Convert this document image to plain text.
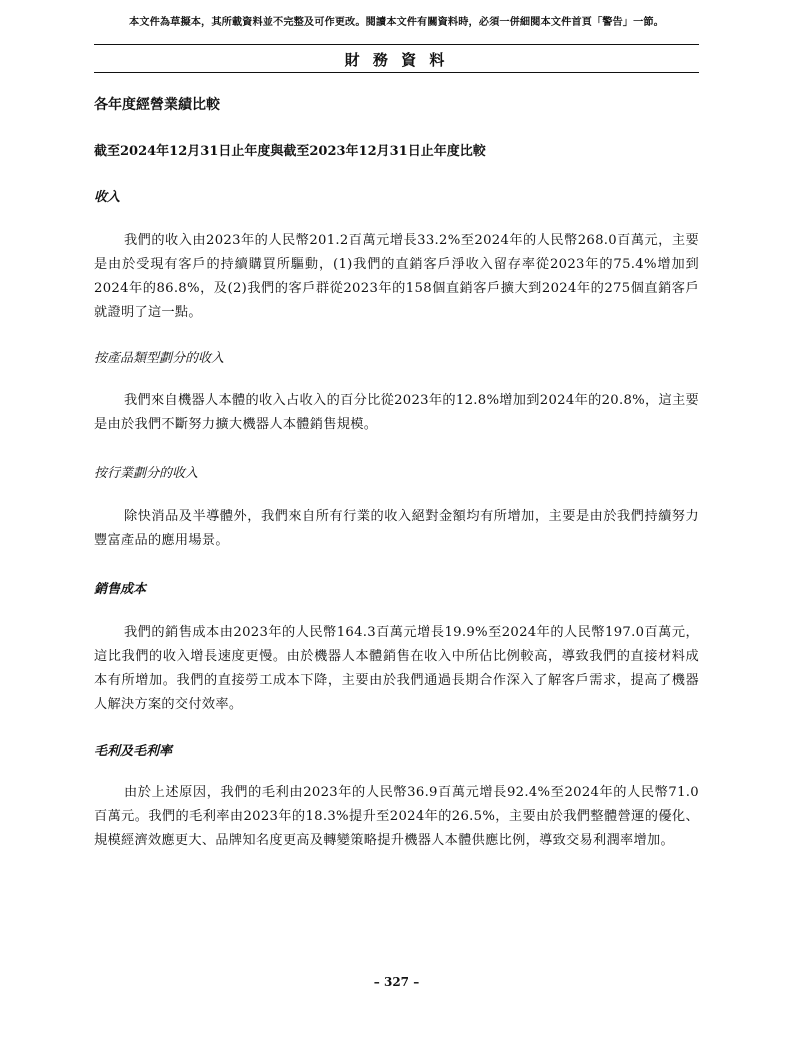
本文件為草擬本，其所載資料並不完整及可作更改。閱讀本文件有關資料時，必須一併細閱本文件首頁「警告」一節。
財 務 資 料
各年度經營業績比較
截至2024年12月31日止年度與截至2023年12月31日止年度比較
收入
我們的收入由2023年的人民幣201.2百萬元增長33.2%至2024年的人民幣268.0百萬元，主要是由於受現有客戶的持續購買所驅動，(1)我們的直銷客戶淨收入留存率從2023年的75.4%增加到2024年的86.8%，及(2)我們的客戶群從2023年的158個直銷客戶擴大到2024年的275個直銷客戶就證明了這一點。
按產品類型劃分的收入
我們來自機器人本體的收入占收入的百分比從2023年的12.8%增加到2024年的20.8%，這主要是由於我們不斷努力擴大機器人本體銷售規模。
按行業劃分的收入
除快消品及半導體外，我們來自所有行業的收入絕對金額均有所增加，主要是由於我們持續努力豐富產品的應用場景。
銷售成本
我們的銷售成本由2023年的人民幣164.3百萬元增長19.9%至2024年的人民幣197.0百萬元，這比我們的收入增長速度更慢。由於機器人本體銷售在收入中所佔比例較高，導致我們的直接材料成本有所增加。我們的直接勞工成本下降，主要由於我們通過長期合作深入了解客戶需求，提高了機器人解決方案的交付效率。
毛利及毛利率
由於上述原因，我們的毛利由2023年的人民幣36.9百萬元增長92.4%至2024年的人民幣71.0百萬元。我們的毛利率由2023年的18.3%提升至2024年的26.5%，主要由於我們整體營運的優化、規模經濟效應更大、品牌知名度更高及轉變策略提升機器人本體供應比例，導致交易利潤率增加。
– 327 –
